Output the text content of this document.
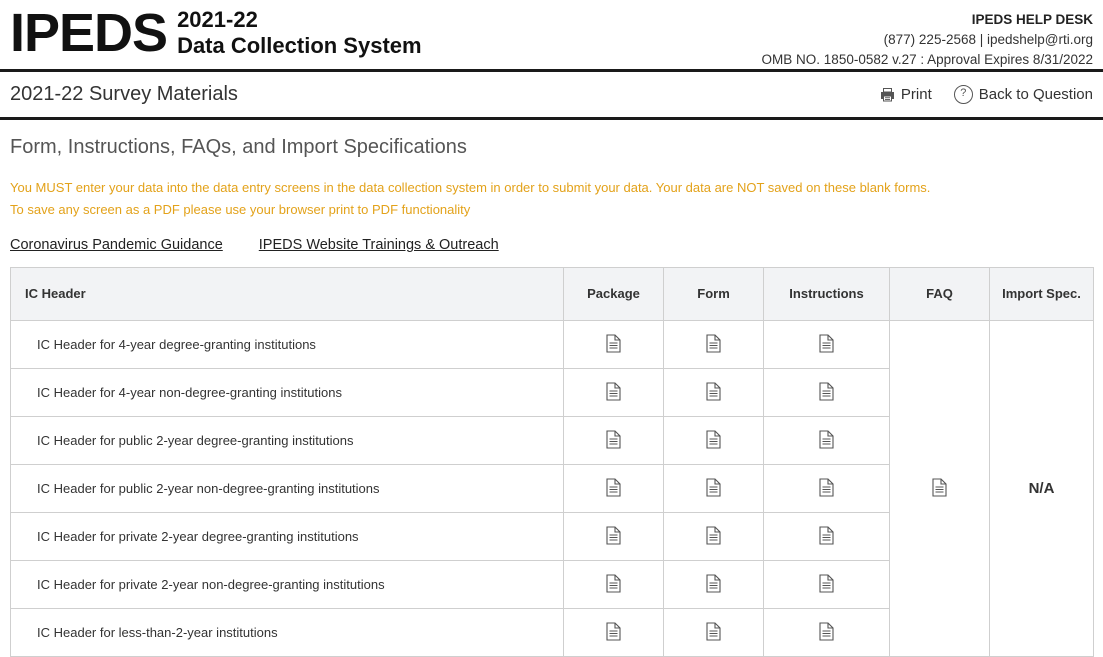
IPEDS 2021-22
Data Collection System
IPEDS HELP DESK
(877) 225-2568 | ipedshelp@rti.org
OMB NO. 1850-0582 v.27 : Approval Expires 8/31/2022
2021-22 Survey Materials	Print	? Back to Question
Form, Instructions, FAQs, and Import Specifications
You MUST enter your data into the data entry screens in the data collection system in order to submit your data. Your data are NOT saved on these blank forms.
To save any screen as a PDF please use your browser print to PDF functionality
Coronavirus Pandemic Guidance IPEDS Website Trainings & Outreach
IC Header	Package	Form	Instructions	FAQ	Import Spec.
IC Header for 4-year degree-granting institutions					N/A
IC Header for 4-year non-degree-granting institutions	

IC Header for public 2-year degree-granting institutions	

IC Header for public 2-year non-degree-granting institutions	

IC Header for private 2-year degree-granting institutions	

IC Header for private 2-year non-degree-granting institutions	

IC Header for less-than-2-year institutions	
